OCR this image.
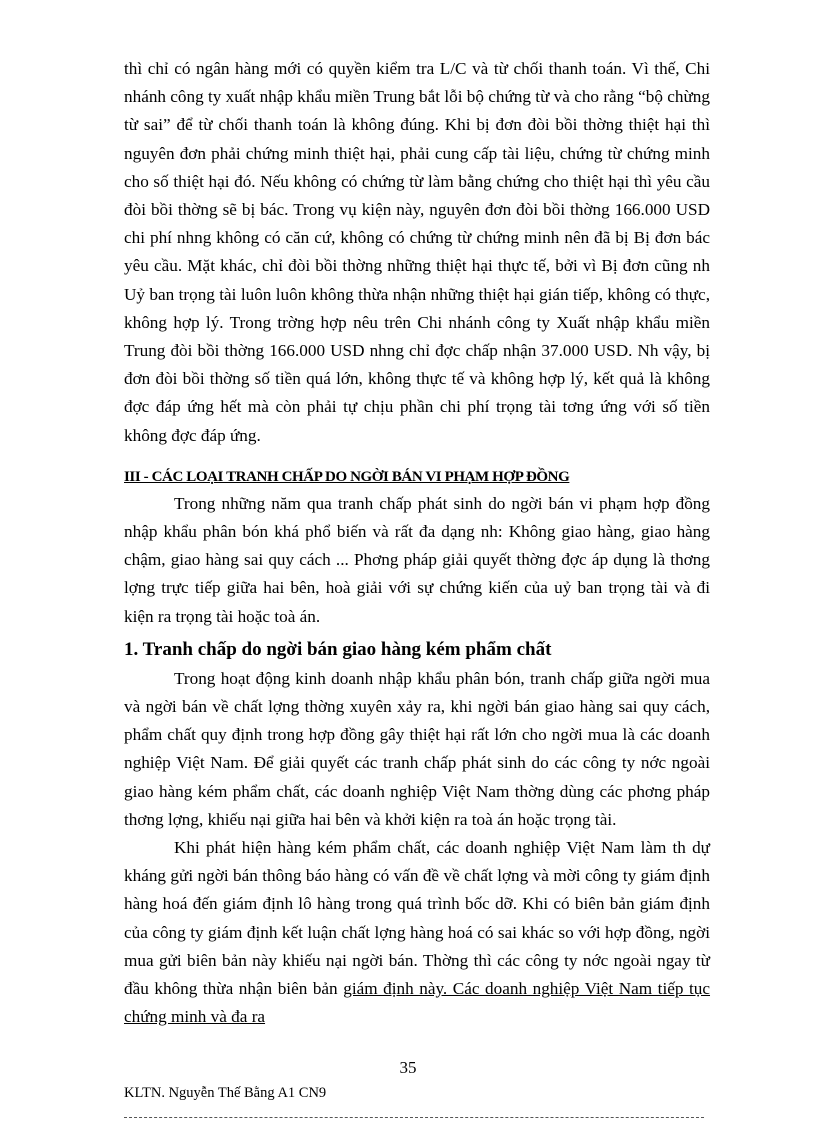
thì chỉ có ngân hàng mới có quyền kiểm tra L/C và từ chối thanh toán. Vì thế, Chi nhánh công ty xuất nhập khẩu miền Trung bắt lỗi bộ chứng từ và cho rằng “bộ chừng từ sai” để từ chối thanh toán là không đúng. Khi bị đơn đòi bồi thờng thiệt hại thì nguyên đơn phải chứng minh thiệt hại, phải cung cấp tài liệu, chứng từ chứng minh cho số thiệt hại đó. Nếu không có chứng từ làm bằng chứng cho thiệt hại thì yêu cầu đòi bồi thờng sẽ bị bác. Trong vụ kiện này, nguyên đơn đòi bồi thờng 166.000 USD chi phí nhng không có căn cứ, không có chứng từ chứng minh nên đã bị Bị đơn bác yêu cầu. Mặt khác, chỉ đòi bồi thờng những thiệt hại thực tế, bởi vì Bị đơn cũng nh Uỷ ban trọng tài luôn luôn không thừa nhận những thiệt hại gián tiếp, không có thực, không hợp lý. Trong trờng hợp nêu trên Chi nhánh công ty Xuất nhập khẩu miền Trung đòi bồi thờng 166.000 USD nhng chỉ đợc chấp nhận 37.000 USD. Nh vậy, bị đơn đòi bồi thờng số tiền quá lớn, không thực tế và không hợp lý, kết quả là không đợc đáp ứng hết mà còn phải tự chịu phần chi phí trọng tài tơng ứng với số tiền không đợc đáp ứng.

III - CÁC LOẠI TRANH CHẤP DO NGỜI BÁN VI PHẠM HỢP ĐỒNG

Trong những năm qua tranh chấp phát sinh do ngời bán vi phạm hợp đồng nhập khẩu phân bón khá phổ biến và rất đa dạng nh: Không giao hàng, giao hàng chậm, giao hàng sai quy cách ... Phơng pháp giải quyết thờng đợc áp dụng là thơng lợng trực tiếp giữa hai bên, hoà giải với sự chứng kiến của uỷ ban trọng tài và đi kiện ra trọng tài hoặc toà án.

1. Tranh chấp do ngời bán giao hàng kém phẩm chất

Trong hoạt động kinh doanh nhập khẩu phân bón, tranh chấp giữa ngời mua và ngời bán về chất lợng thờng xuyên xảy ra, khi ngời bán giao hàng sai quy cách, phẩm chất quy định trong hợp đồng gây thiệt hại rất lớn cho ngời mua là các doanh nghiệp Việt Nam. Để giải quyết các tranh chấp phát sinh do các công ty nớc ngoài giao hàng kém phẩm chất, các doanh nghiệp Việt Nam thờng dùng các phơng pháp thơng lợng, khiếu nại giữa hai bên và khởi kiện ra toà án hoặc trọng tài.

Khi phát hiện hàng kém phẩm chất, các doanh nghiệp Việt Nam làm th dự kháng gửi ngời bán thông báo hàng có vấn đề về chất lợng và mời công ty giám định hàng hoá đến giám định lô hàng trong quá trình bốc dỡ. Khi có biên bản giám định của công ty giám định kết luận chất lợng hàng hoá có sai khác so với hợp đồng, ngời mua gửi biên bản này khiếu nại ngời bán. Thờng thì các công ty nớc ngoài ngay từ đầu không thừa nhận biên bản giám định này. Các doanh nghiệp Việt Nam tiếp tục chứng minh và đa ra

35
KLTN. Nguyễn Thế Bằng A1 CN9
